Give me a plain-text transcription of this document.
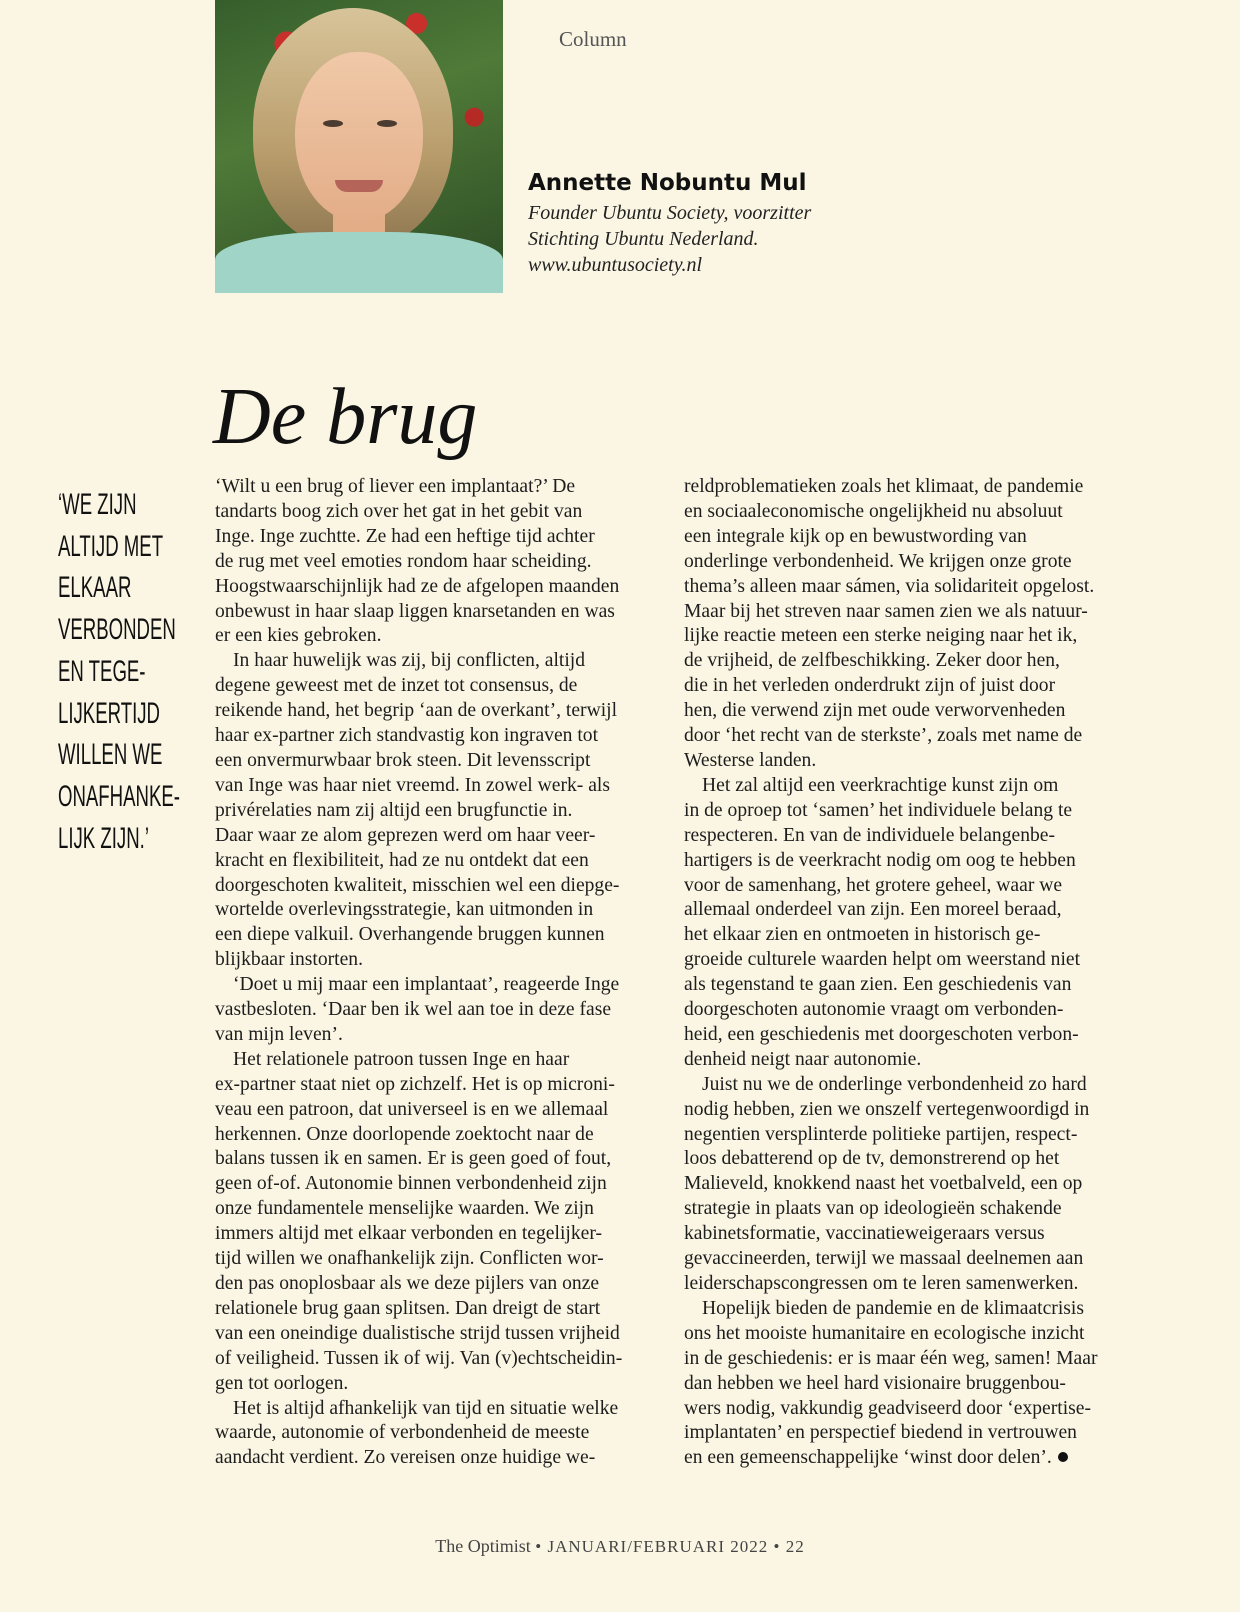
Column
Annette Nobuntu Mul
Founder Ubuntu Society, voorzitter
Stichting Ubuntu Nederland.
www.ubuntusociety.nl
De brug
‘WE ZIJN
ALTIJD MET
ELKAAR
VERBONDEN
EN TEGE-
LIJKERTIJD
WILLEN WE
ONAFHANKE-
LIJK ZIJN.’
‘Wilt u een brug of liever een implantaat?’ De
tandarts boog zich over het gat in het gebit van
Inge. Inge zuchtte. Ze had een heftige tijd achter
de rug met veel emoties rondom haar scheiding.
Hoogstwaarschijnlijk had ze de afgelopen maanden
onbewust in haar slaap liggen knarsetanden en was
er een kies gebroken.
In haar huwelijk was zij, bij conflicten, altijd
degene geweest met de inzet tot consensus, de
reikende hand, het begrip ‘aan de overkant’, terwijl
haar ex-partner zich standvastig kon ingraven tot
een onvermurwbaar brok steen. Dit levensscript
van Inge was haar niet vreemd. In zowel werk- als
privérelaties nam zij altijd een brugfunctie in.
Daar waar ze alom geprezen werd om haar veer-
kracht en flexibiliteit, had ze nu ontdekt dat een
doorgeschoten kwaliteit, misschien wel een diepge-
wortelde overlevingsstrategie, kan uitmonden in
een diepe valkuil. Overhangende bruggen kunnen
blijkbaar instorten.
‘Doet u mij maar een implantaat’, reageerde Inge
vastbesloten. ‘Daar ben ik wel aan toe in deze fase
van mijn leven’.
Het relationele patroon tussen Inge en haar
ex-partner staat niet op zichzelf. Het is op microni-
veau een patroon, dat universeel is en we allemaal
herkennen. Onze doorlopende zoektocht naar de
balans tussen ik en samen. Er is geen goed of fout,
geen of-of. Autonomie binnen verbondenheid zijn
onze fundamentele menselijke waarden. We zijn
immers altijd met elkaar verbonden en tegelijker-
tijd willen we onafhankelijk zijn. Conflicten wor-
den pas onoplosbaar als we deze pijlers van onze
relationele brug gaan splitsen. Dan dreigt de start
van een oneindige dualistische strijd tussen vrijheid
of veiligheid. Tussen ik of wij. Van (v)echtscheidin-
gen tot oorlogen.
Het is altijd afhankelijk van tijd en situatie welke
waarde, autonomie of verbondenheid de meeste
aandacht verdient. Zo vereisen onze huidige we-
reldproblematieken zoals het klimaat, de pandemie
en sociaaleconomische ongelijkheid nu absoluut
een integrale kijk op en bewustwording van
onderlinge verbondenheid. We krijgen onze grote
thema’s alleen maar sámen, via solidariteit opgelost.
Maar bij het streven naar samen zien we als natuur-
lijke reactie meteen een sterke neiging naar het ik,
de vrijheid, de zelfbeschikking. Zeker door hen,
die in het verleden onderdrukt zijn of juist door
hen, die verwend zijn met oude verworvenheden
door ‘het recht van de sterkste’, zoals met name de
Westerse landen.
Het zal altijd een veerkrachtige kunst zijn om
in de oproep tot ‘samen’ het individuele belang te
respecteren. En van de individuele belangenbe-
hartigers is de veerkracht nodig om oog te hebben
voor de samenhang, het grotere geheel, waar we
allemaal onderdeel van zijn. Een moreel beraad,
het elkaar zien en ontmoeten in historisch ge-
groeide culturele waarden helpt om weerstand niet
als tegenstand te gaan zien. Een geschiedenis van
doorgeschoten autonomie vraagt om verbonden-
heid, een geschiedenis met doorgeschoten verbon-
denheid neigt naar autonomie.
Juist nu we de onderlinge verbondenheid zo hard
nodig hebben, zien we onszelf vertegenwoordigd in
negentien versplinterde politieke partijen, respect-
loos debatterend op de tv, demonstrerend op het
Malieveld, knokkend naast het voetbalveld, een op
strategie in plaats van op ideologieën schakende
kabinetsformatie, vaccinatieweigeraars versus
gevaccineerden, terwijl we massaal deelnemen aan
leiderschapscongressen om te leren samenwerken.
Hopelijk bieden de pandemie en de klimaatcrisis
ons het mooiste humanitaire en ecologische inzicht
in de geschiedenis: er is maar één weg, samen! Maar
dan hebben we heel hard visionaire bruggenbou-
wers nodig, vakkundig geadviseerd door ‘expertise-
implantaten’ en perspectief biedend in vertrouwen
en een gemeenschappelijke ‘winst door delen’.
The Optimist • JANUARI/FEBRUARI 2022 • 22
